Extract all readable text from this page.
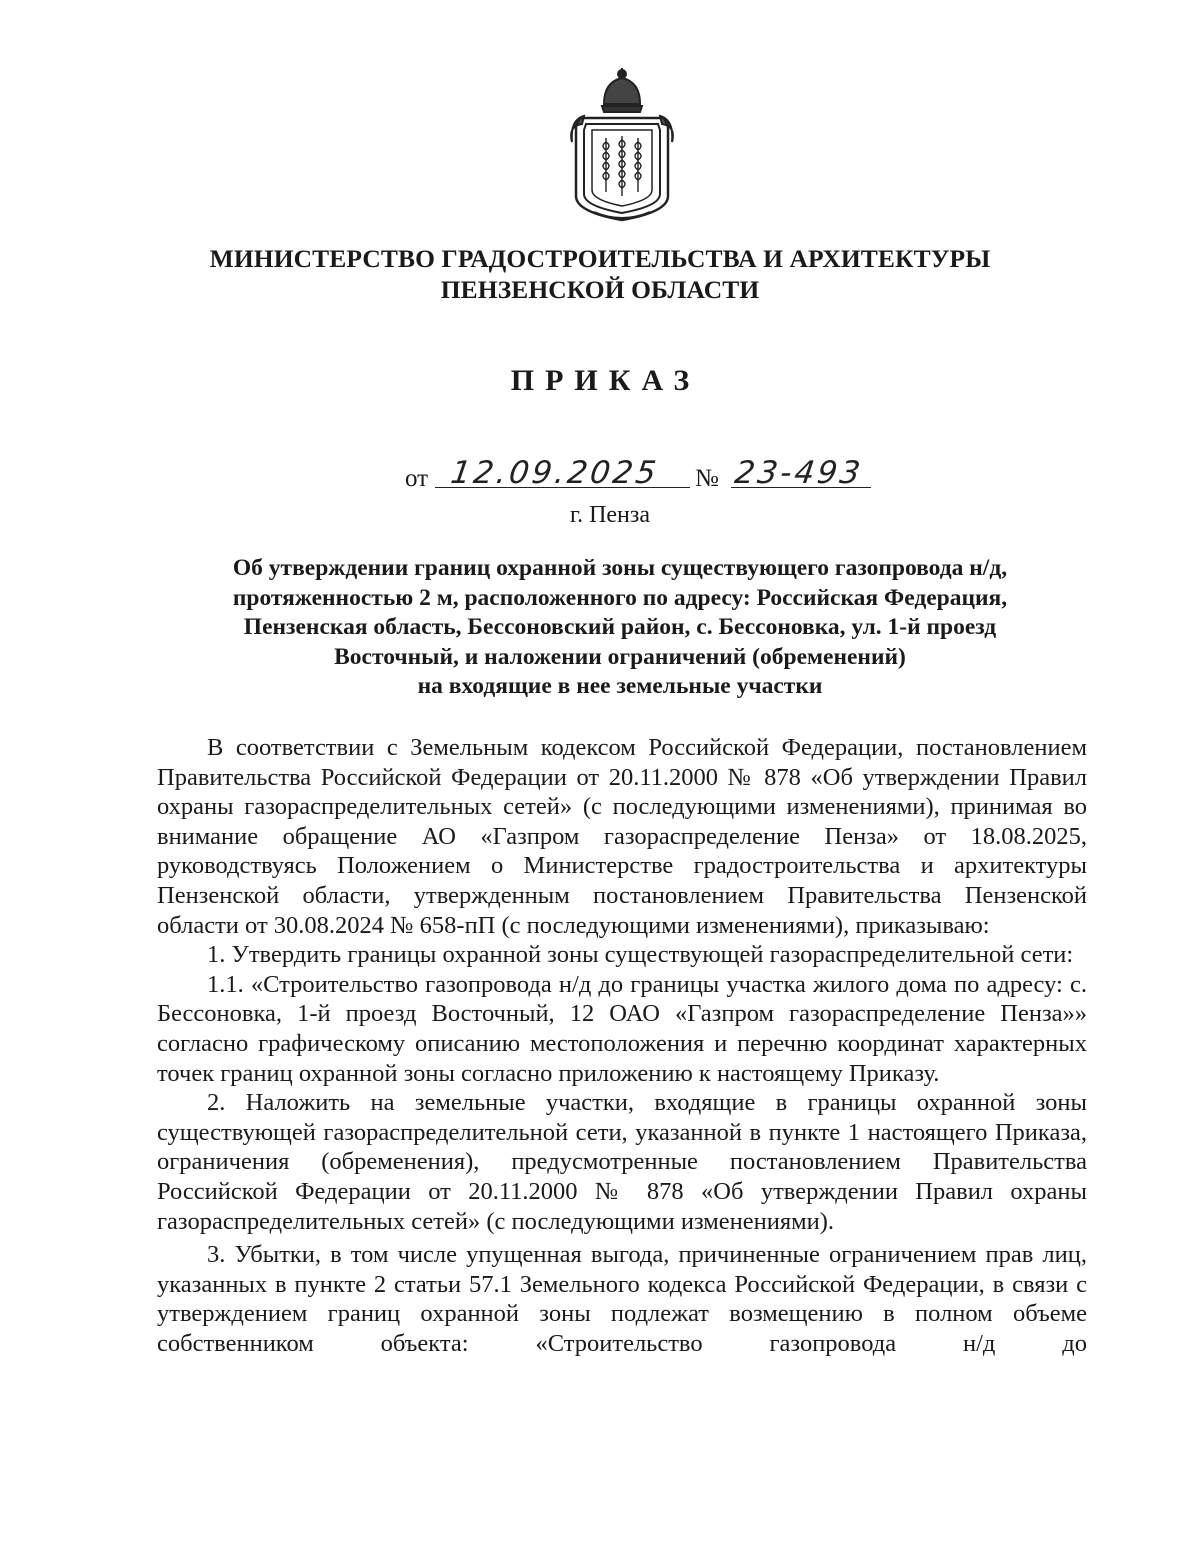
МИНИСТЕРСТВО ГРАДОСТРОИТЕЛЬСТВА И АРХИТЕКТУРЫ
ПЕНЗЕНСКОЙ ОБЛАСТИ
ПРИКАЗ
от 12.09.2025 № 23-493
г. Пенза
Об утверждении границ охранной зоны существующего газопровода н/д,
протяженностью 2 м, расположенного по адресу: Российская Федерация,
Пензенская область, Бессоновский район, с. Бессоновка, ул. 1-й проезд
Восточный, и наложении ограничений (обременений)
на входящие в нее земельные участки

В соответствии с Земельным кодексом Российской Федерации, постановлением Правительства Российской Федерации от 20.11.2000 № 878 «Об утверждении Правил охраны газораспределительных сетей» (с последующими изменениями), принимая во внимание обращение АО «Газпром газораспределение Пенза» от 18.08.2025, руководствуясь Положением о Министерстве градостроительства и архитектуры Пензенской области, утвержденным постановлением Правительства Пензенской области от 30.08.2024 № 658-пП (с последующими изменениями), приказываю:

1. Утвердить границы охранной зоны существующей газораспределительной сети:

1.1. «Строительство газопровода н/д до границы участка жилого дома по адресу: с. Бессоновка, 1-й проезд Восточный, 12 ОАО «Газпром газораспределение Пенза»» согласно графическому описанию местоположения и перечню координат характерных точек границ охранной зоны согласно приложению к настоящему Приказу.

2. Наложить на земельные участки, входящие в границы охранной зоны существующей газораспределительной сети, указанной в пункте 1 настоящего Приказа, ограничения (обременения), предусмотренные постановлением Правительства Российской Федерации от 20.11.2000 № 878 «Об утверждении Правил охраны газораспределительных сетей» (с последующими изменениями).

3. Убытки, в том числе упущенная выгода, причиненные ограничением прав лиц, указанных в пункте 2 статьи 57.1 Земельного кодекса Российской Федерации, в связи с утверждением границ охранной зоны подлежат возмещению в полном объеме собственником объекта: «Строительство газопровода н/д до
